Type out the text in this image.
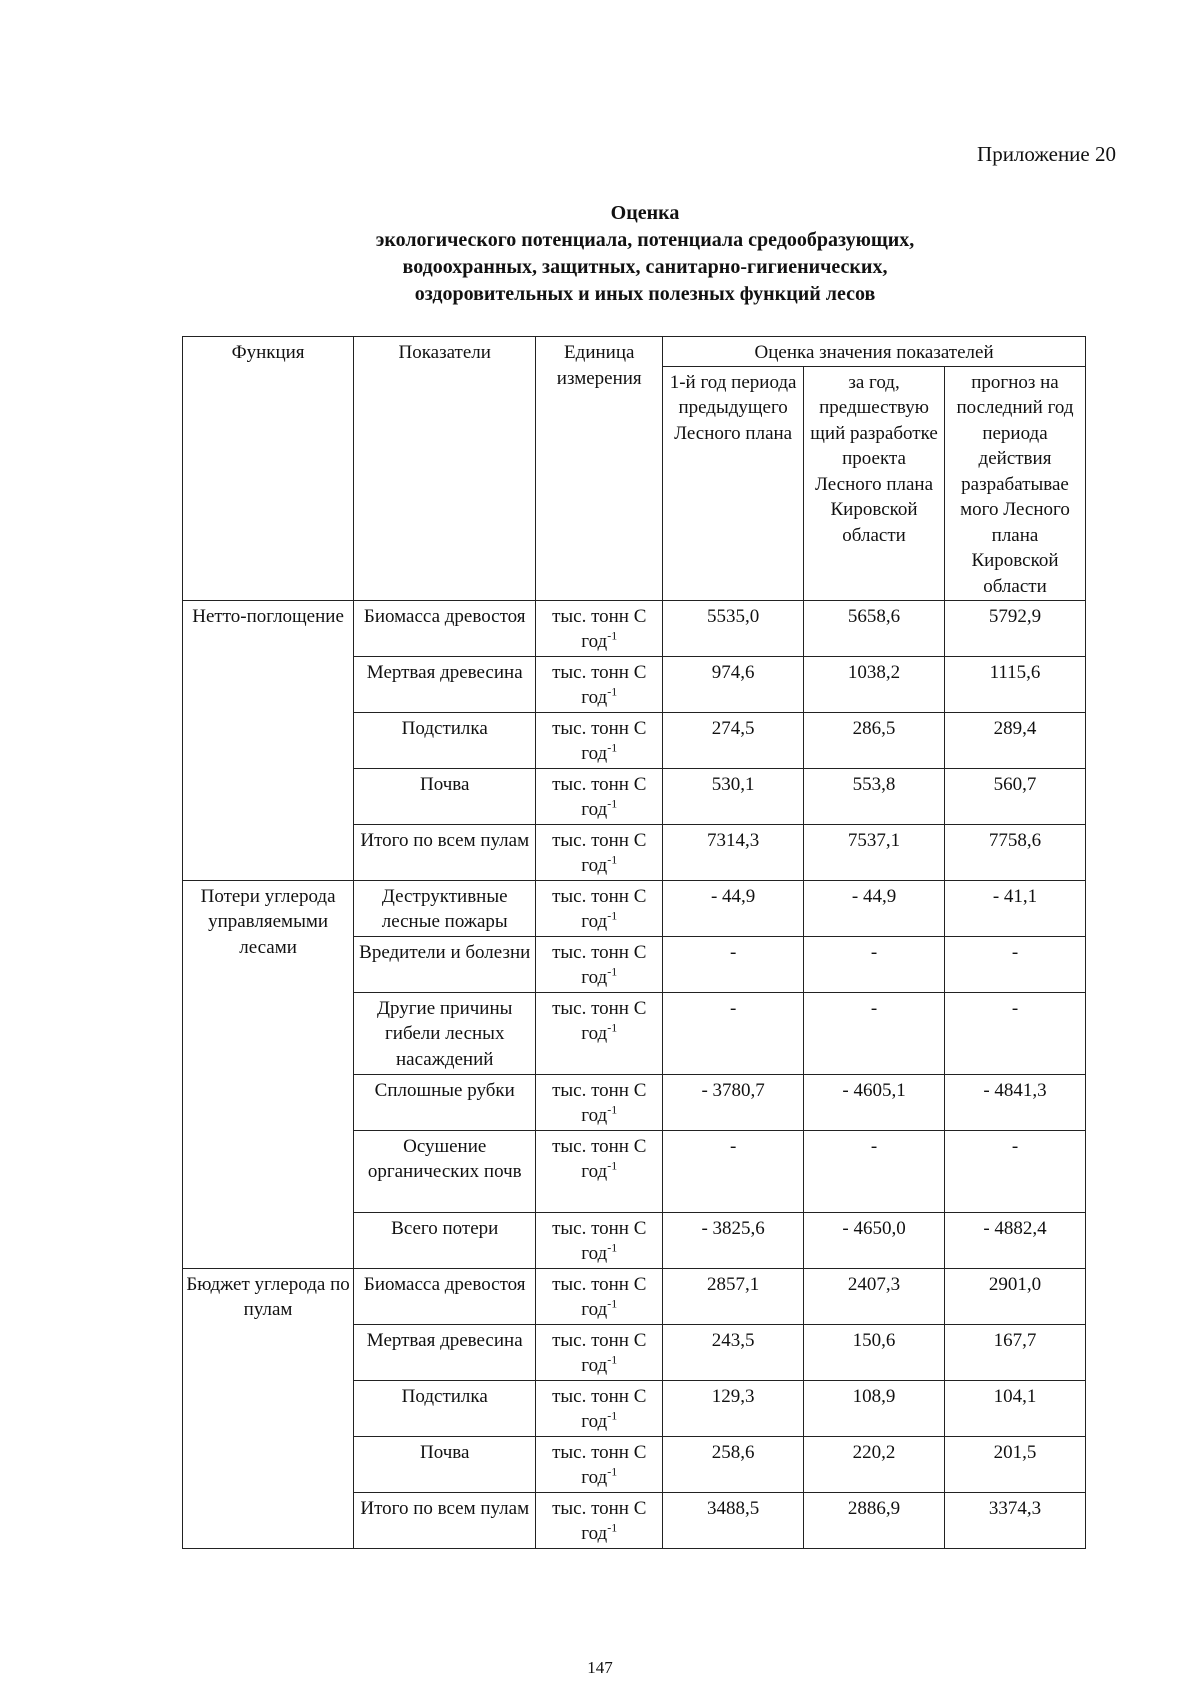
Приложение 20
Оценка
экологического потенциала, потенциала средообразующих,
водоохранных, защитных, санитарно-гигиенических,
оздоровительных и иных полезных функций лесов
Функция	Показатели	Единица измерения	Оценка значения показателей		
			1-й год периода предыдущего Лесного плана	за год, предшествую щий разработке проекта Лесного плана Кировской области	прогноз на последний год периода действия разрабатывае мого Лесного плана Кировской области
Нетто-поглощение	Биомасса древостоя	тыс. тонн С год$^{-1}$	5535,0	5658,6	5792,9
	Мертвая древесина	тыс. тонн С год$^{-1}$	974,6	1038,2	1115,6
	Подстилка	тыс. тонн С год$^{-1}$	274,5	286,5	289,4
	Почва	тыс. тонн С год$^{-1}$	530,1	553,8	560,7
	Итого по всем пулам	тыс. тонн С год$^{-1}$	7314,3	7537,1	7758,6
Потери углерода управляемыми лесами	Деструктивные лесные пожары	тыс. тонн С год$^{-1}$	- 44,9	- 44,9	- 41,1
	Вредители и болезни	тыс. тонн С год$^{-1}$	-	-	-
	Другие причины гибели лесных насаждений	тыс. тонн С год$^{-1}$	-	-	-
	Сплошные рубки	тыс. тонн С год$^{-1}$	- 3780,7	- 4605,1	- 4841,3
	Осушение органических почв	тыс. тонн С год$^{-1}$	-	-	-
	Всего потери	тыс. тонн С год$^{-1}$	- 3825,6	- 4650,0	- 4882,4
Бюджет углерода по пулам	Биомасса древостоя	тыс. тонн С год$^{-1}$	2857,1	2407,3	2901,0
	Мертвая древесина	тыс. тонн С год$^{-1}$	243,5	150,6	167,7
	Подстилка	тыс. тонн С год$^{-1}$	129,3	108,9	104,1
	Почва	тыс. тонн С год$^{-1}$	258,6	220,2	201,5
	Итого по всем пулам	тыс. тонн С год$^{-1}$	3488,5	2886,9	3374,3
147
